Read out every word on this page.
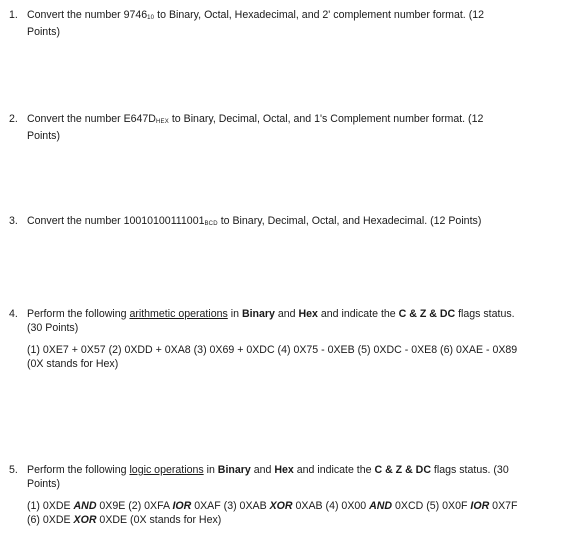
1. Convert the number 974610 to Binary, Octal, Hexadecimal, and 2' complement number format. (12
Points)
2. Convert the number E647DHEX to Binary, Decimal, Octal, and 1's Complement number format. (12
Points)
3. Convert the number 10010100111001BCD to Binary, Decimal, Octal, and Hexadecimal. (12 Points)
4. Perform the following arithmetic operations in Binary and Hex and indicate the C & Z & DC flags status.
(30 Points)
(1) 0XE7 + 0X57 (2) 0XDD + 0XA8 (3) 0X69 + 0XDC (4) 0X75 - 0XEB (5) 0XDC - 0XE8 (6) 0XAE - 0X89
(0X stands for Hex)
5. Perform the following logic operations in Binary and Hex and indicate the C & Z & DC flags status. (30
Points)
(1) 0XDE AND 0X9E (2) 0XFA IOR 0XAF (3) 0XAB XOR 0XAB (4) 0X00 AND 0XCD (5) 0X0F IOR 0X7F
(6) 0XDE XOR 0XDE (0X stands for Hex)
